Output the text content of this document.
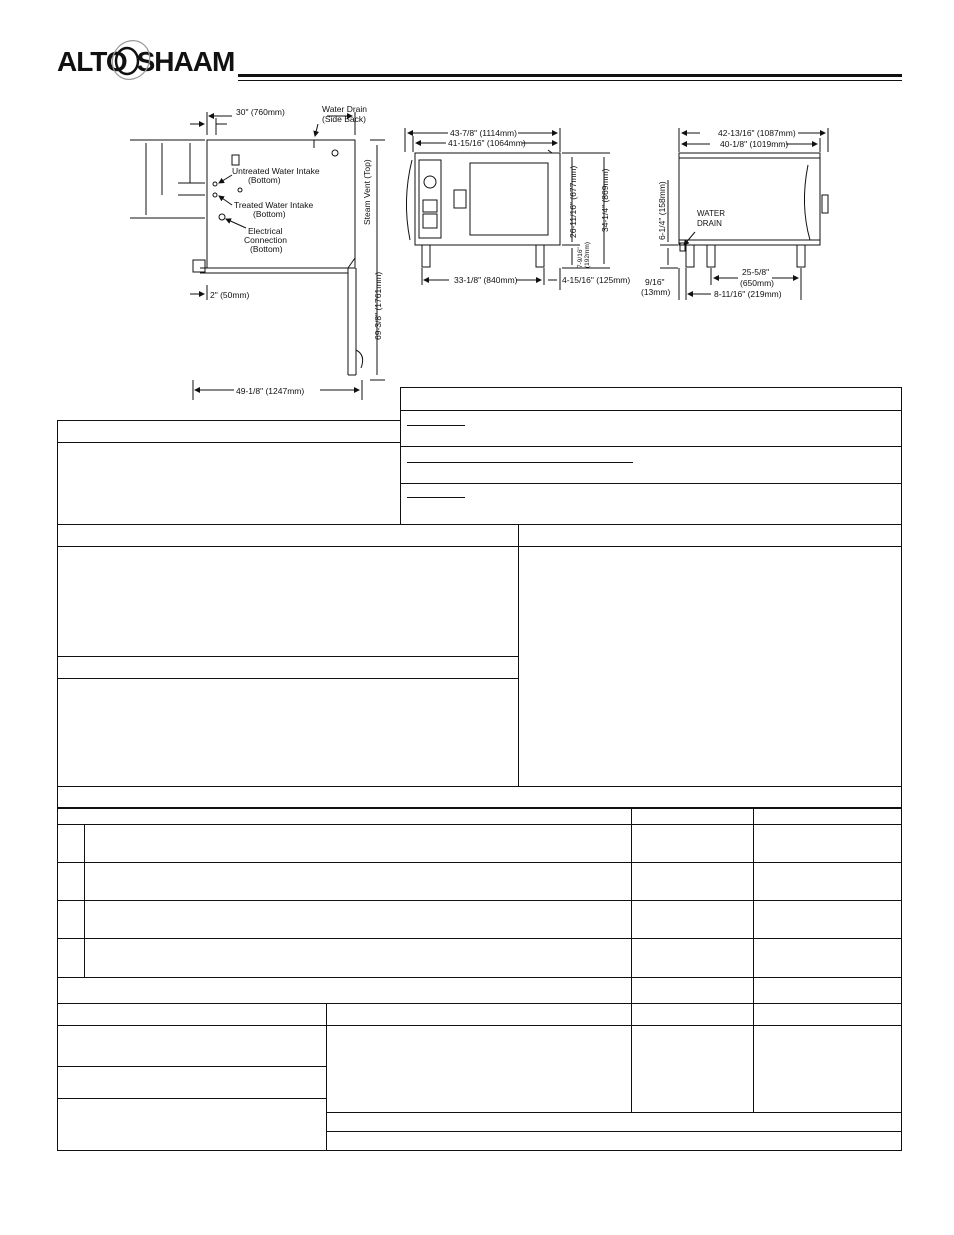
ALTO SHAAM
30" (760mm)	Water Drain
(Side Back)
Untreated Water Intake
(Bottom)
Treated Water Intake
(Bottom)
Electrical
Connection
(Bottom)
2" (50mm)
49-1/8" (1247mm)
Steam Vent (Top)
69-3/8" (1761mm)
43-7/8" (1114mm)
41-15/16" (1064mm)
33-1/8" (840mm)	4-15/16" (125mm)
26-11/16" (677mm)	34-1/4" (869mm)
7-9/16" (192mm)
42-13/16" (1087mm)
40-1/8" (1019mm)
WATER
DRAIN
6-1/4" (158mm)
9/16"
(13mm)
25-5/8"
(650mm)
8-11/16" (219mm)
